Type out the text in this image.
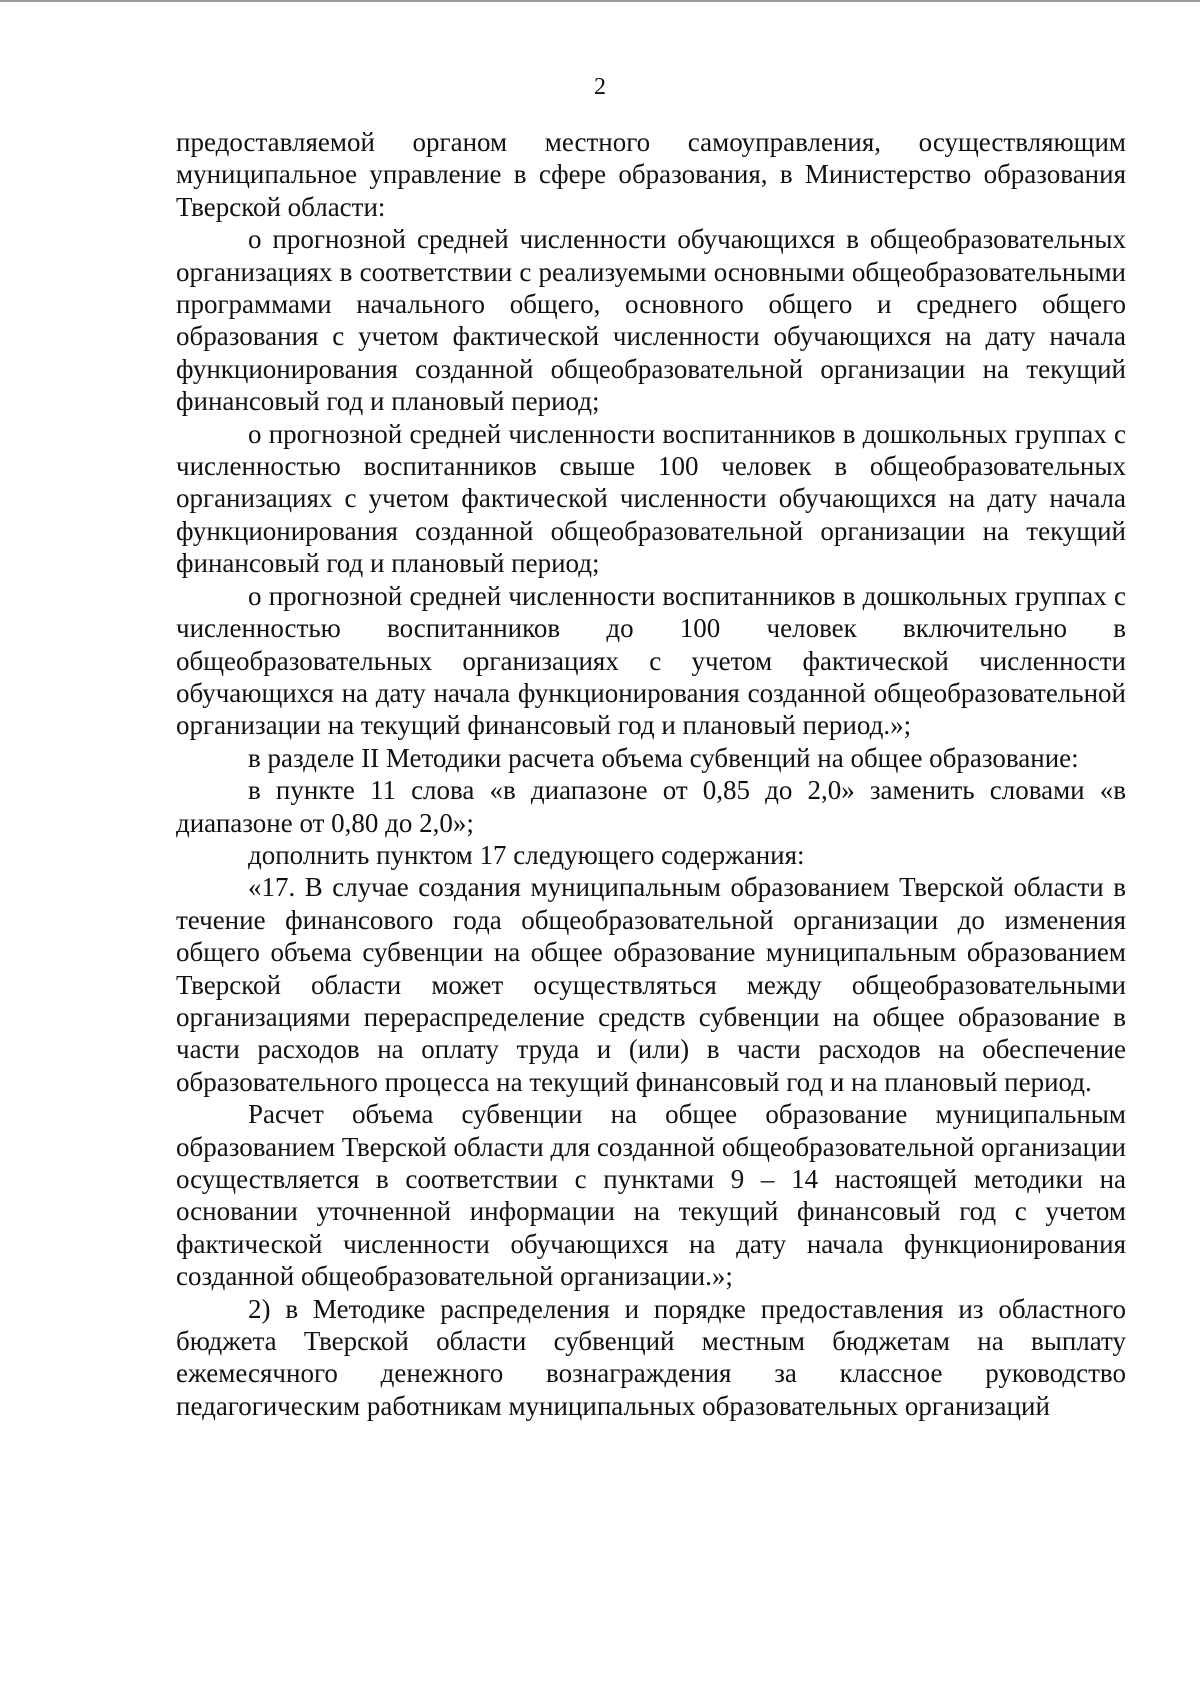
2

предоставляемой органом местного самоуправления, осуществляющим муниципальное управление в сфере образования, в Министерство образования Тверской области:

о прогнозной средней численности обучающихся в общеобразовательных организациях в соответствии с реализуемыми основными общеобразовательными программами начального общего, основного общего и среднего общего образования с учетом фактической численности обучающихся на дату начала функционирования созданной общеобразовательной организации на текущий финансовый год и плановый период;

о прогнозной средней численности воспитанников в дошкольных группах с численностью воспитанников свыше 100 человек в общеобразовательных организациях с учетом фактической численности обучающихся на дату начала функционирования созданной общеобразовательной организации на текущий финансовый год и плановый период;

о прогнозной средней численности воспитанников в дошкольных группах с численностью воспитанников до 100 человек включительно в общеобразовательных организациях с учетом фактической численности обучающихся на дату начала функционирования созданной общеобразовательной организации на текущий финансовый год и плановый период.»;

в разделе II Методики расчета объема субвенций на общее образование:

в пункте 11 слова «в диапазоне от 0,85 до 2,0» заменить словами «в диапазоне от 0,80 до 2,0»;

дополнить пунктом 17 следующего содержания:

«17. В случае создания муниципальным образованием Тверской области в течение финансового года общеобразовательной организации до изменения общего объема субвенции на общее образование муниципальным образованием Тверской области может осуществляться между общеобразовательными организациями перераспределение средств субвенции на общее образование в части расходов на оплату труда и (или) в части расходов на обеспечение образовательного процесса на текущий финансовый год и на плановый период.

Расчет объема субвенции на общее образование муниципальным образованием Тверской области для созданной общеобразовательной организации осуществляется в соответствии с пунктами 9 – 14 настоящей методики на основании уточненной информации на текущий финансовый год с учетом фактической численности обучающихся на дату начала функционирования созданной общеобразовательной организации.»;

2) в Методике распределения и порядке предоставления из областного бюджета Тверской области субвенций местным бюджетам на выплату ежемесячного денежного вознаграждения за классное руководство педагогическим работникам муниципальных образовательных организаций
